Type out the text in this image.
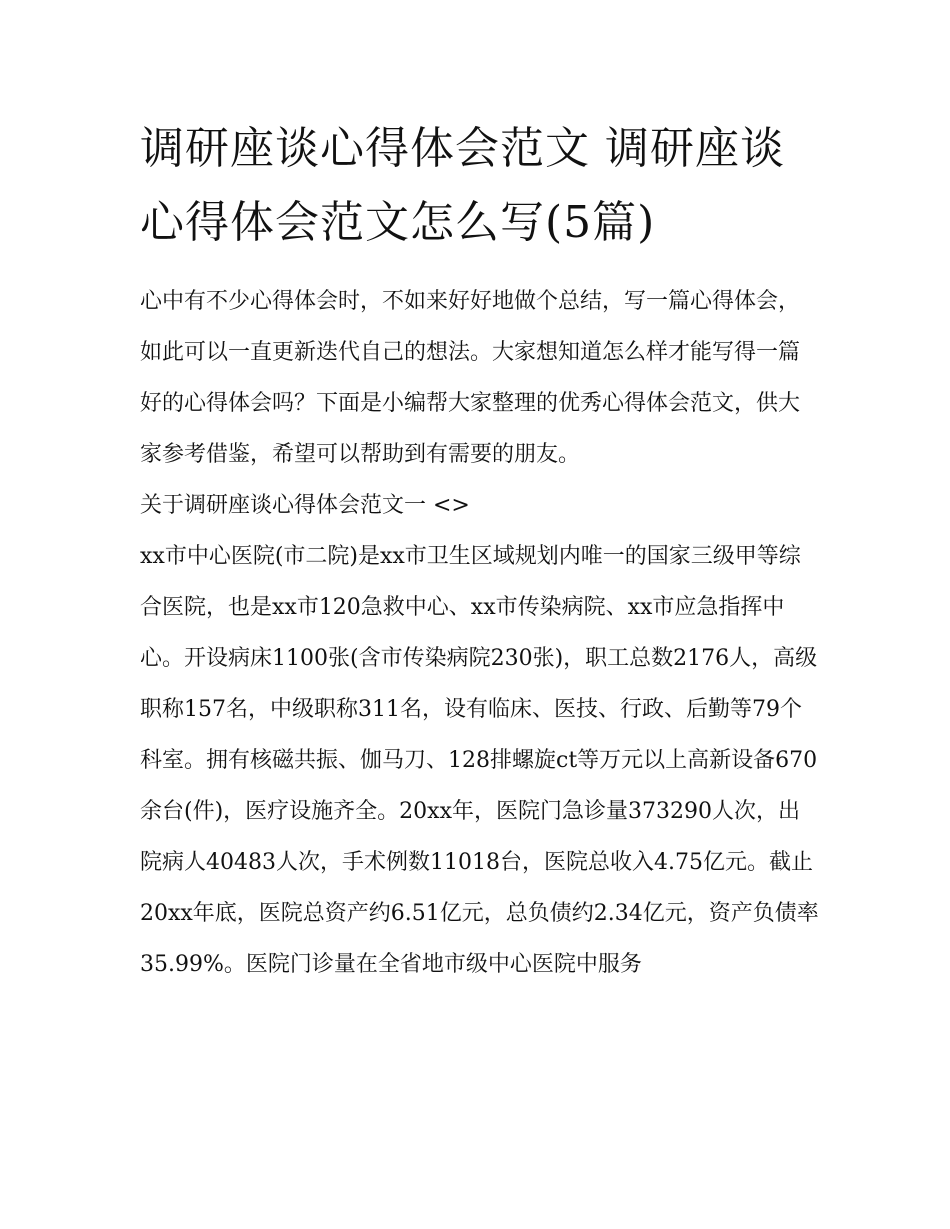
调研座谈心得体会范文 调研座谈心得体会范文怎么写(5篇)

心中有不少心得体会时，不如来好好地做个总结，写一篇心得体会，如此可以一直更新迭代自己的想法。大家想知道怎么样才能写得一篇好的心得体会吗？下面是小编帮大家整理的优秀心得体会范文，供大家参考借鉴，希望可以帮助到有需要的朋友。

关于调研座谈心得体会范文一 <>

xx市中心医院(市二院)是xx市卫生区域规划内唯一的国家三级甲等综合医院，也是xx市120急救中心、xx市传染病院、xx市应急指挥中心。开设病床1100张(含市传染病院230张)，职工总数2176人，高级职称157名，中级职称311名，设有临床、医技、行政、后勤等79个科室。拥有核磁共振、伽马刀、128排螺旋ct等万元以上高新设备670余台(件)，医疗设施齐全。20xx年，医院门急诊量373290人次，出院病人40483人次，手术例数11018台，医院总收入4.75亿元。截止20xx年底，医院总资产约6.51亿元，总负债约2.34亿元，资产负债率35.99%。医院门诊量在全省地市级中心医院中服务
